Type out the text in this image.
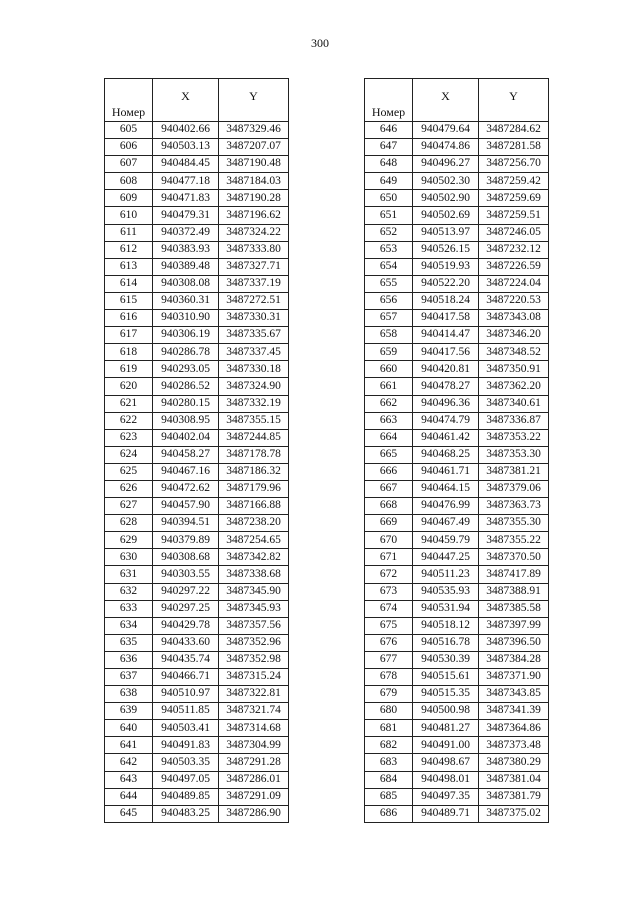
300
Номер	X	Y
605	940402.66	3487329.46
606	940503.13	3487207.07
607	940484.45	3487190.48
608	940477.18	3487184.03
609	940471.83	3487190.28
610	940479.31	3487196.62
611	940372.49	3487324.22
612	940383.93	3487333.80
613	940389.48	3487327.71
614	940308.08	3487337.19
615	940360.31	3487272.51
616	940310.90	3487330.31
617	940306.19	3487335.67
618	940286.78	3487337.45
619	940293.05	3487330.18
620	940286.52	3487324.90
621	940280.15	3487332.19
622	940308.95	3487355.15
623	940402.04	3487244.85
624	940458.27	3487178.78
625	940467.16	3487186.32
626	940472.62	3487179.96
627	940457.90	3487166.88
628	940394.51	3487238.20
629	940379.89	3487254.65
630	940308.68	3487342.82
631	940303.55	3487338.68
632	940297.22	3487345.90
633	940297.25	3487345.93
634	940429.78	3487357.56
635	940433.60	3487352.96
636	940435.74	3487352.98
637	940466.71	3487315.24
638	940510.97	3487322.81
639	940511.85	3487321.74
640	940503.41	3487314.68
641	940491.83	3487304.99
642	940503.35	3487291.28
643	940497.05	3487286.01
644	940489.85	3487291.09
645	940483.25	3487286.90
Номер	X	Y
646	940479.64	3487284.62
647	940474.86	3487281.58
648	940496.27	3487256.70
649	940502.30	3487259.42
650	940502.90	3487259.69
651	940502.69	3487259.51
652	940513.97	3487246.05
653	940526.15	3487232.12
654	940519.93	3487226.59
655	940522.20	3487224.04
656	940518.24	3487220.53
657	940417.58	3487343.08
658	940414.47	3487346.20
659	940417.56	3487348.52
660	940420.81	3487350.91
661	940478.27	3487362.20
662	940496.36	3487340.61
663	940474.79	3487336.87
664	940461.42	3487353.22
665	940468.25	3487353.30
666	940461.71	3487381.21
667	940464.15	3487379.06
668	940476.99	3487363.73
669	940467.49	3487355.30
670	940459.79	3487355.22
671	940447.25	3487370.50
672	940511.23	3487417.89
673	940535.93	3487388.91
674	940531.94	3487385.58
675	940518.12	3487397.99
676	940516.78	3487396.50
677	940530.39	3487384.28
678	940515.61	3487371.90
679	940515.35	3487343.85
680	940500.98	3487341.39
681	940481.27	3487364.86
682	940491.00	3487373.48
683	940498.67	3487380.29
684	940498.01	3487381.04
685	940497.35	3487381.79
686	940489.71	3487375.02
